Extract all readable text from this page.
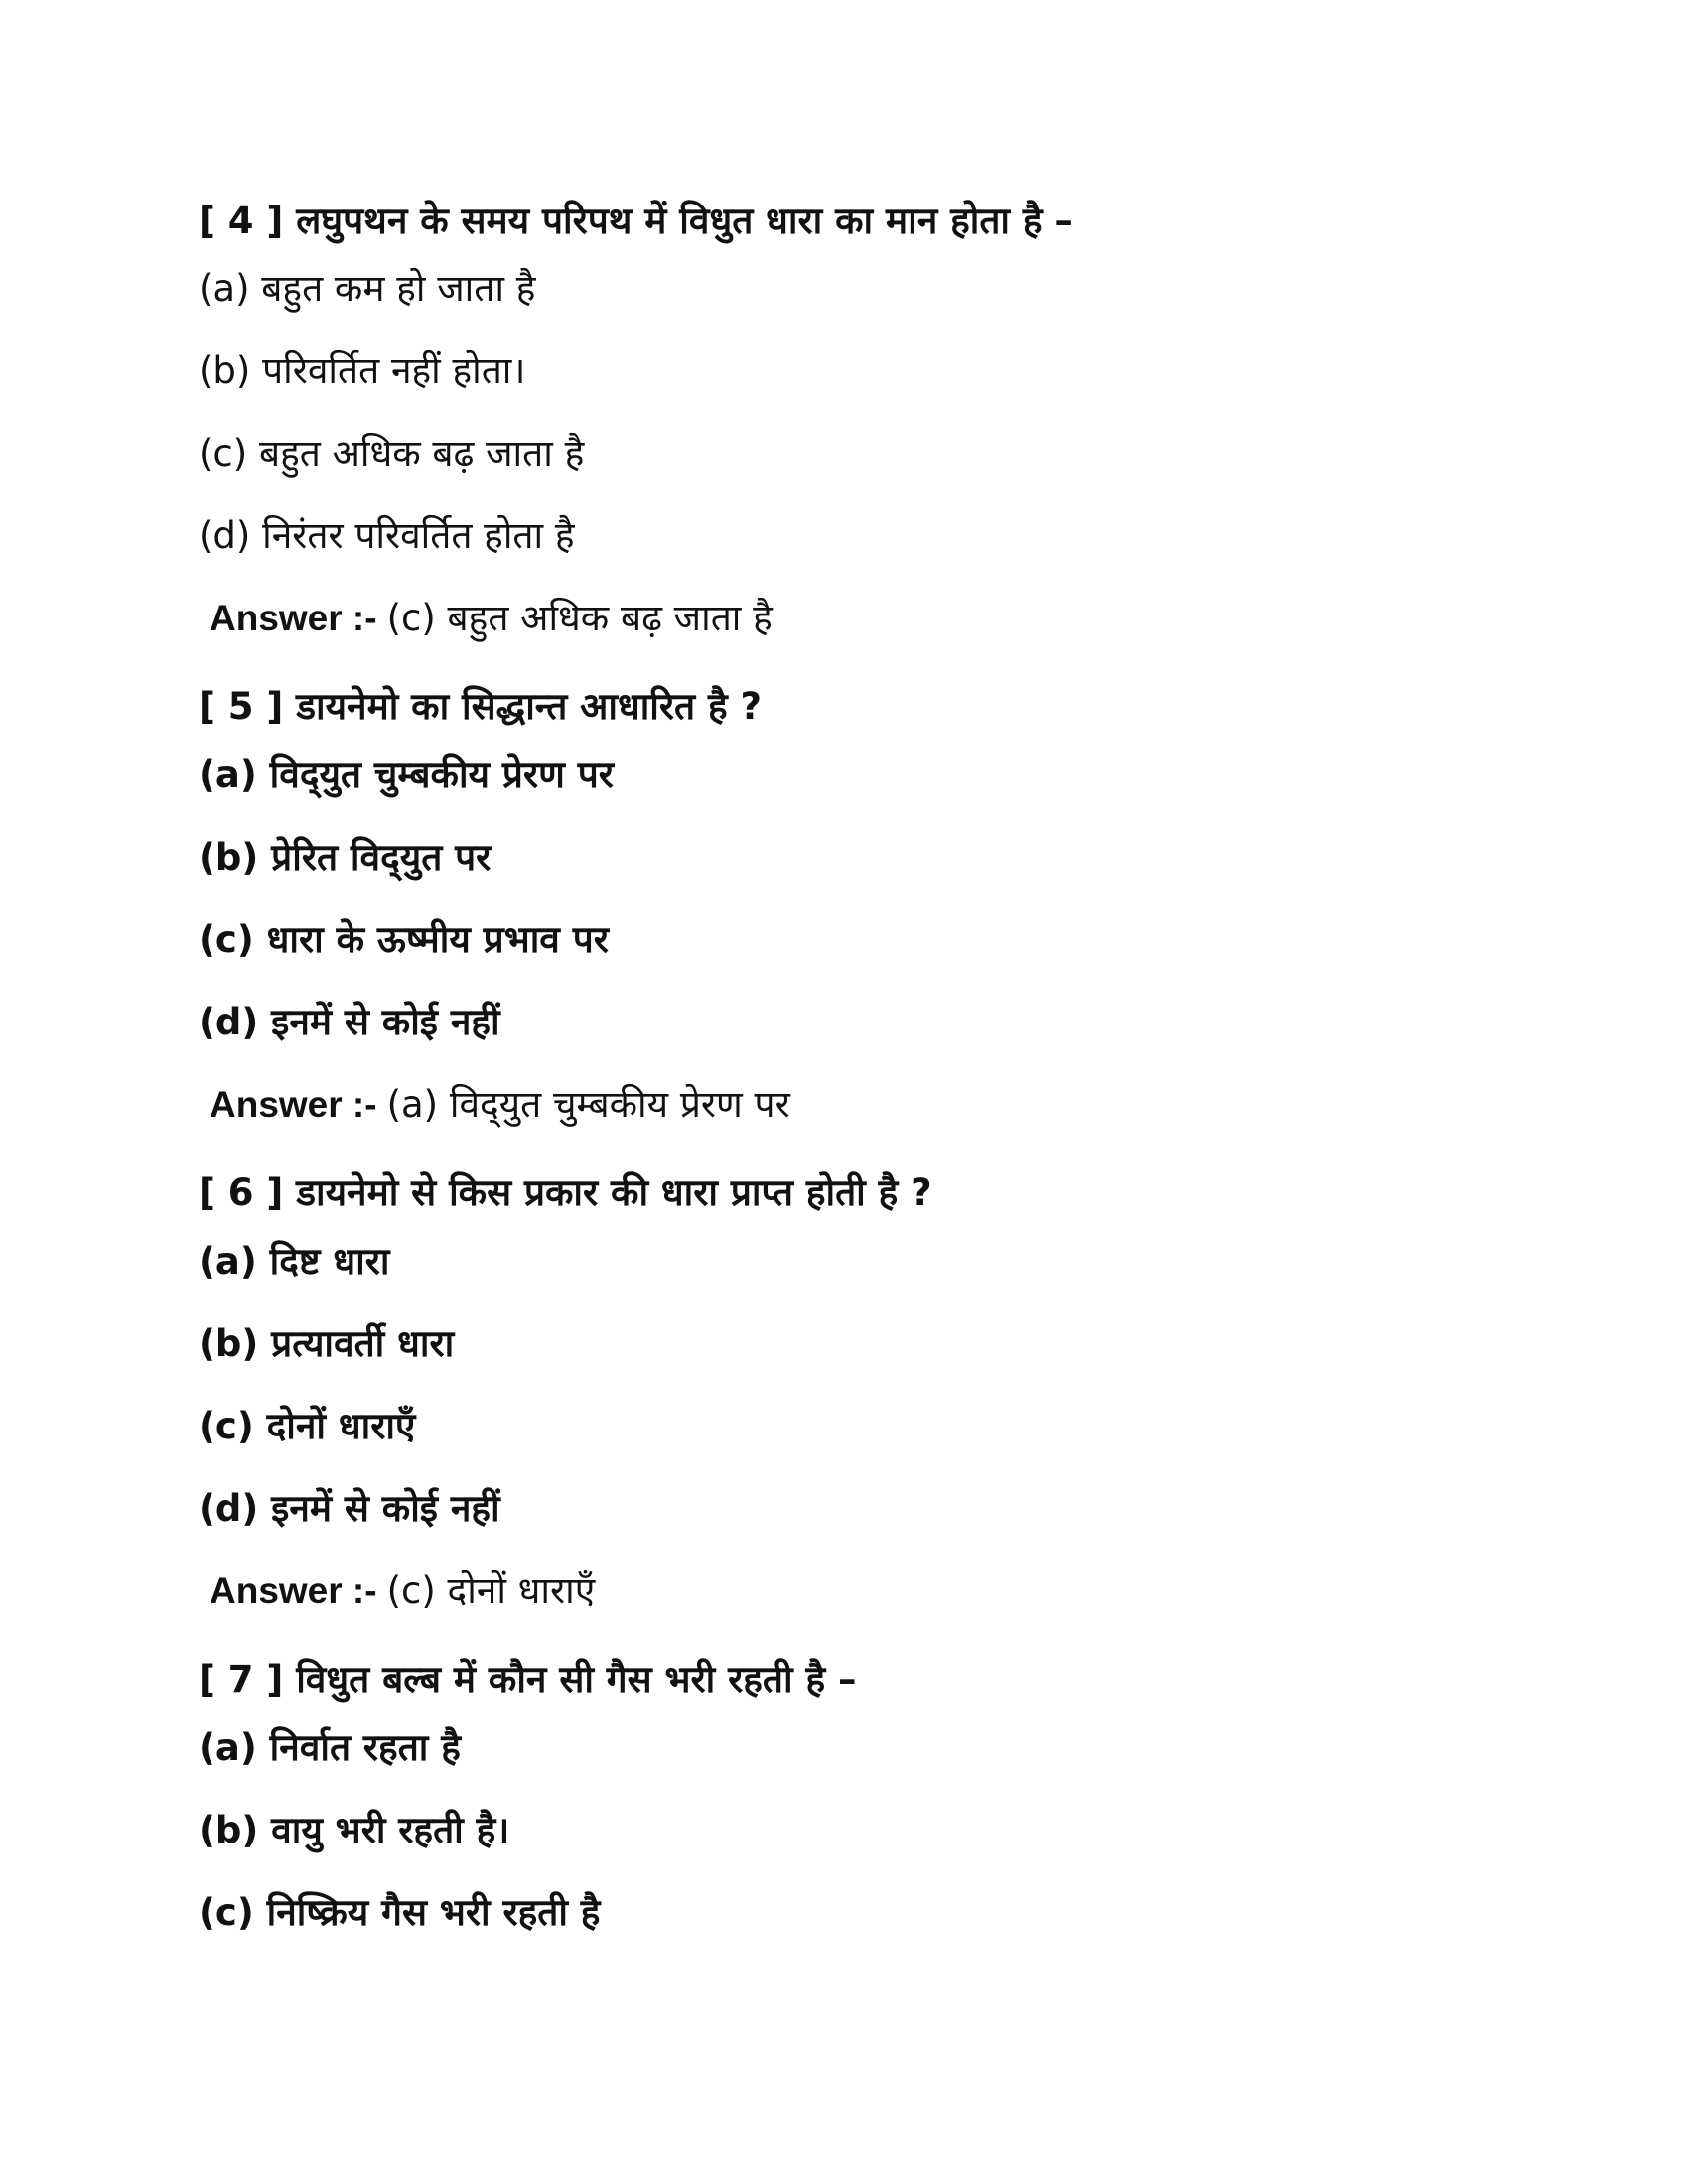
[ 4 ] लघुपथन के समय परिपथ में विधुत धारा का मान होता है –
(a) बहुत कम हो जाता है
(b) परिवर्तित नहीं होता।
(c) बहुत अधिक बढ़ जाता है
(d) निरंतर परिवर्तित होता है
Answer :- (c) बहुत अधिक बढ़ जाता है
[ 5 ] डायनेमो का सिद्धान्त आधारित है ?
(a) विद्‌युत चुम्बकीय प्रेरण पर
(b) प्रेरित विद्‌युत पर
(c) धारा के ऊष्मीय प्रभाव पर
(d) इनमें से कोई नहीं
Answer :- (a) विद्‌युत चुम्बकीय प्रेरण पर
[ 6 ] डायनेमो से किस प्रकार की धारा प्राप्त होती है ?
(a) दिष्ट धारा
(b) प्रत्यावर्ती धारा
(c) दोनों धाराएँ
(d) इनमें से कोई नहीं
Answer :- (c) दोनों धाराएँ
[ 7 ] विधुत बल्ब में कौन सी गैस भरी रहती है –
(a) निर्वात रहता है
(b) वायु भरी रहती है।
(c) निष्क्रिय गैस भरी रहती है
